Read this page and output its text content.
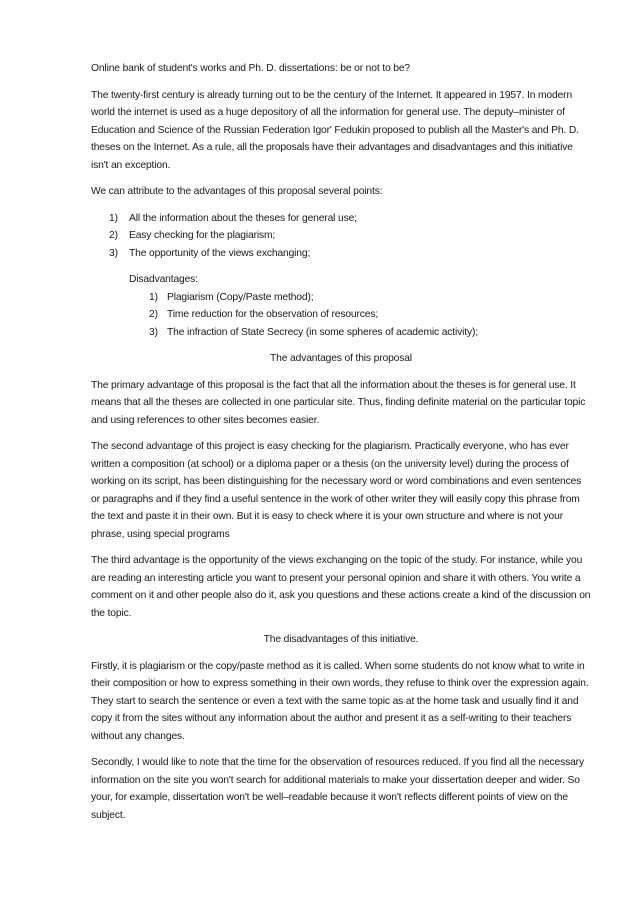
Online bank of student's works and Ph. D. dissertations: be or not to be?

The twenty-first century is already turning out to be the century of the Internet. It appeared in 1957. In modern world the internet is used as a huge depository of all the information for general use. The deputy–minister of Education and Science of the Russian Federation Igor' Fedukin proposed to publish all the Master's and Ph. D. theses on the Internet. As a rule, all the proposals have their advantages and disadvantages and this initiative isn't an exception.

We can attribute to the advantages of this proposal several points:

1) All the information about the theses for general use;
2) Easy checking for the plagiarism;
3) The opportunity of the views exchanging;
Disadvantages:
1) Plagiarism (Copy/Paste method);
2) Time reduction for the observation of resources;
3) The infraction of State Secrecy (in some spheres of academic activity);

The advantages of this proposal

The primary advantage of this proposal is the fact that all the information about the theses is for general use. It means that all the theses are collected in one particular site. Thus, finding definite material on the particular topic and using references to other sites becomes easier.

The second advantage of this project is easy checking for the plagiarism. Practically everyone, who has ever written a composition (at school) or a diploma paper or a thesis (on the university level) during the process of working on its script, has been distinguishing for the necessary word or word combinations and even sentences or paragraphs and if they find a useful sentence in the work of other writer they will easily copy this phrase from the text and paste it in their own. But it is easy to check where it is your own structure and where is not your phrase, using special programs

The third advantage is the opportunity of the views exchanging on the topic of the study. For instance, while you are reading an interesting article you want to present your personal opinion and share it with others. You write a comment on it and other people also do it, ask you questions and these actions create a kind of the discussion on the topic.

The disadvantages of this initiative.

Firstly, it is plagiarism or the copy/paste method as it is called. When some students do not know what to write in their composition or how to express something in their own words, they refuse to think over the expression again. They start to search the sentence or even a text with the same topic as at the home task and usually find it and copy it from the sites without any information about the author and present it as a self-writing to their teachers without any changes.

Secondly, I would like to note that the time for the observation of resources reduced. If you find all the necessary information on the site you won't search for additional materials to make your dissertation deeper and wider. So your, for example, dissertation won't be well–readable because it won't reflects different points of view on the subject.
